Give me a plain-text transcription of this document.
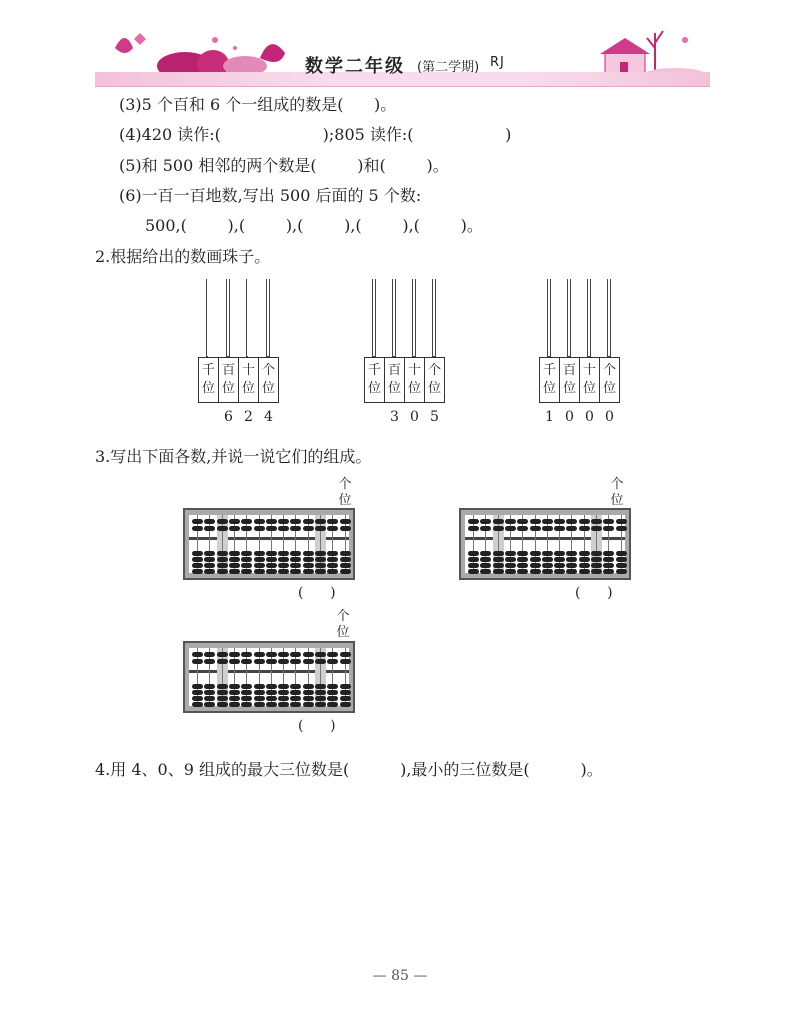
数学二年级 (第二学期) RJ
(3)5 个百和 6 个一组成的数是(      )。
(4)420 读作:(                    );805 读作:(                  )
(5)和 500 相邻的两个数是(        )和(        )。
(6)一百一百地数,写出 500 后面的 5 个数:
500,(        ),(        ),(        ),(        ),(        )。
2.根据给出的数画珠子。
千
位
百
位
十
位
个
位
6 2 4
千
位
百
位
十
位
个
位
3 0 5
千
位
百
位
十
位
个
位
1 0 0 0
3.写出下面各数,并说一说它们的组成。
个
位
(      )
个
位
(      )
个
位
(      )
4.用 4、0、9 组成的最大三位数是(          ),最小的三位数是(          )。
— 85 —
